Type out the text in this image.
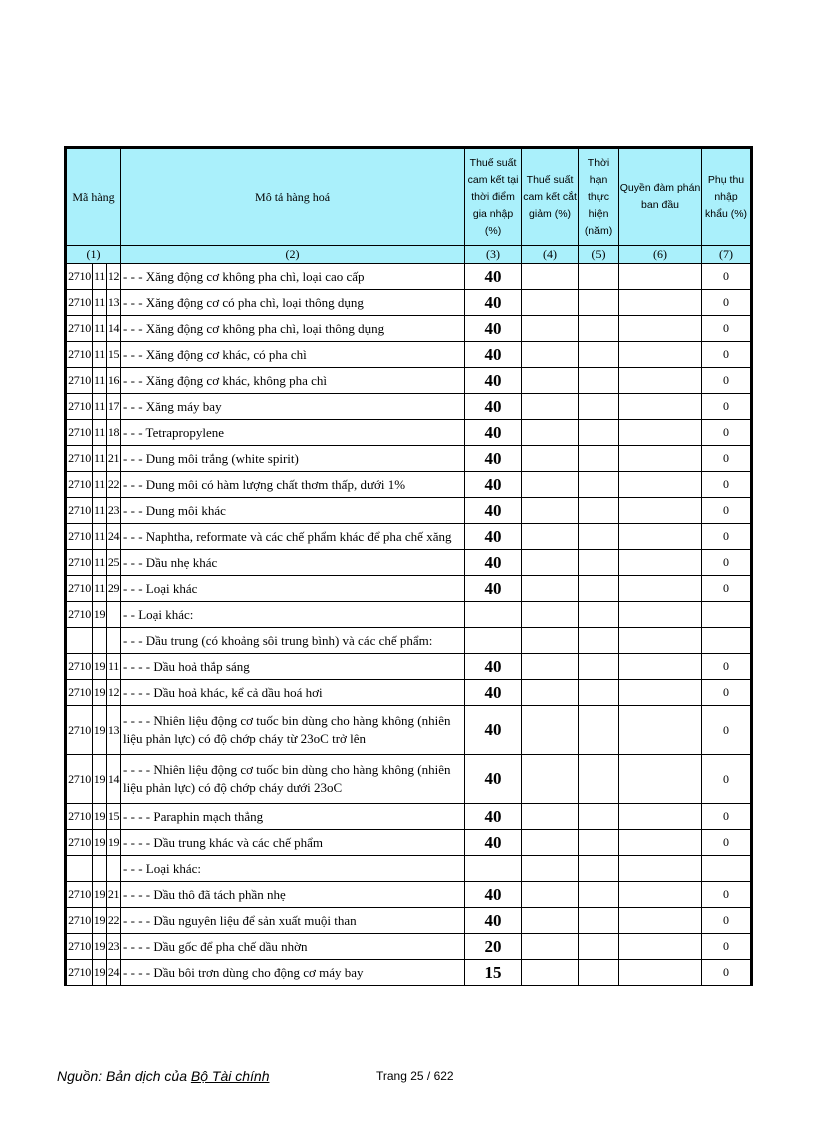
Mã hàng			Mô tả hàng hoá	Thuế suất cam kết tại thời điểm gia nhập (%)	Thuế suất cam kết cắt giảm (%)	Thời hạn thực hiện (năm)	Quyền đàm phán ban đầu	Phụ thu nhập khẩu (%)
(1)			(2)	(3)	(4)	(5)	(6)	(7)
2710	11	12	- - - Xăng động cơ không pha chì, loại cao cấp	40				0
2710	11	13	- - - Xăng động cơ có pha chì, loại thông dụng	40				0
2710	11	14	- - - Xăng động cơ không pha chì, loại thông dụng	40				0
2710	11	15	- - - Xăng động cơ khác, có pha chì	40				0
2710	11	16	- - - Xăng động cơ khác, không pha chì	40				0
2710	11	17	- - - Xăng máy bay	40				0
2710	11	18	- - - Tetrapropylene	40				0
2710	11	21	- - - Dung môi trắng (white spirit)	40				0
2710	11	22	- - - Dung môi có hàm lượng chất thơm thấp, dưới 1%	40				0
2710	11	23	- - - Dung môi khác	40				0
2710	11	24	- - - Naphtha, reformate và các chế phẩm khác để pha chế xăng	40				0
2710	11	25	- - - Dầu nhẹ khác	40				0
2710	11	29	- - - Loại khác	40				0
2710	19		- - Loại khác:					
			- - - Dầu trung (có khoảng sôi trung bình) và các chế phẩm:					
2710	19	11	- - - - Dầu hoả thắp sáng	40				0
2710	19	12	- - - - Dầu hoả khác, kể cả dầu hoá hơi	40				0
2710	19	13	- - - - Nhiên liệu động cơ tuốc bin dùng cho hàng không (nhiên liệu phản lực) có độ chớp cháy từ 23oC trở lên	40				0
2710	19	14	- - - - Nhiên liệu động cơ tuốc bin dùng cho hàng không (nhiên liệu phản lực) có độ chớp cháy dưới 23oC	40				0
2710	19	15	- - - - Paraphin mạch thẳng	40				0
2710	19	19	- - - - Dầu trung khác và các chế phẩm	40				0
			- - - Loại khác:					
2710	19	21	- - - - Dầu thô đã tách phần nhẹ	40				0
2710	19	22	- - - - Dầu nguyên liệu để sản xuất muội than	40				0
2710	19	23	- - - - Dầu gốc để pha chế dầu nhờn	20				0
2710	19	24	- - - - Dầu bôi trơn dùng cho động cơ máy bay	15				0
Nguồn: Bản dịch của Bộ Tài chính	Trang 25 / 622
